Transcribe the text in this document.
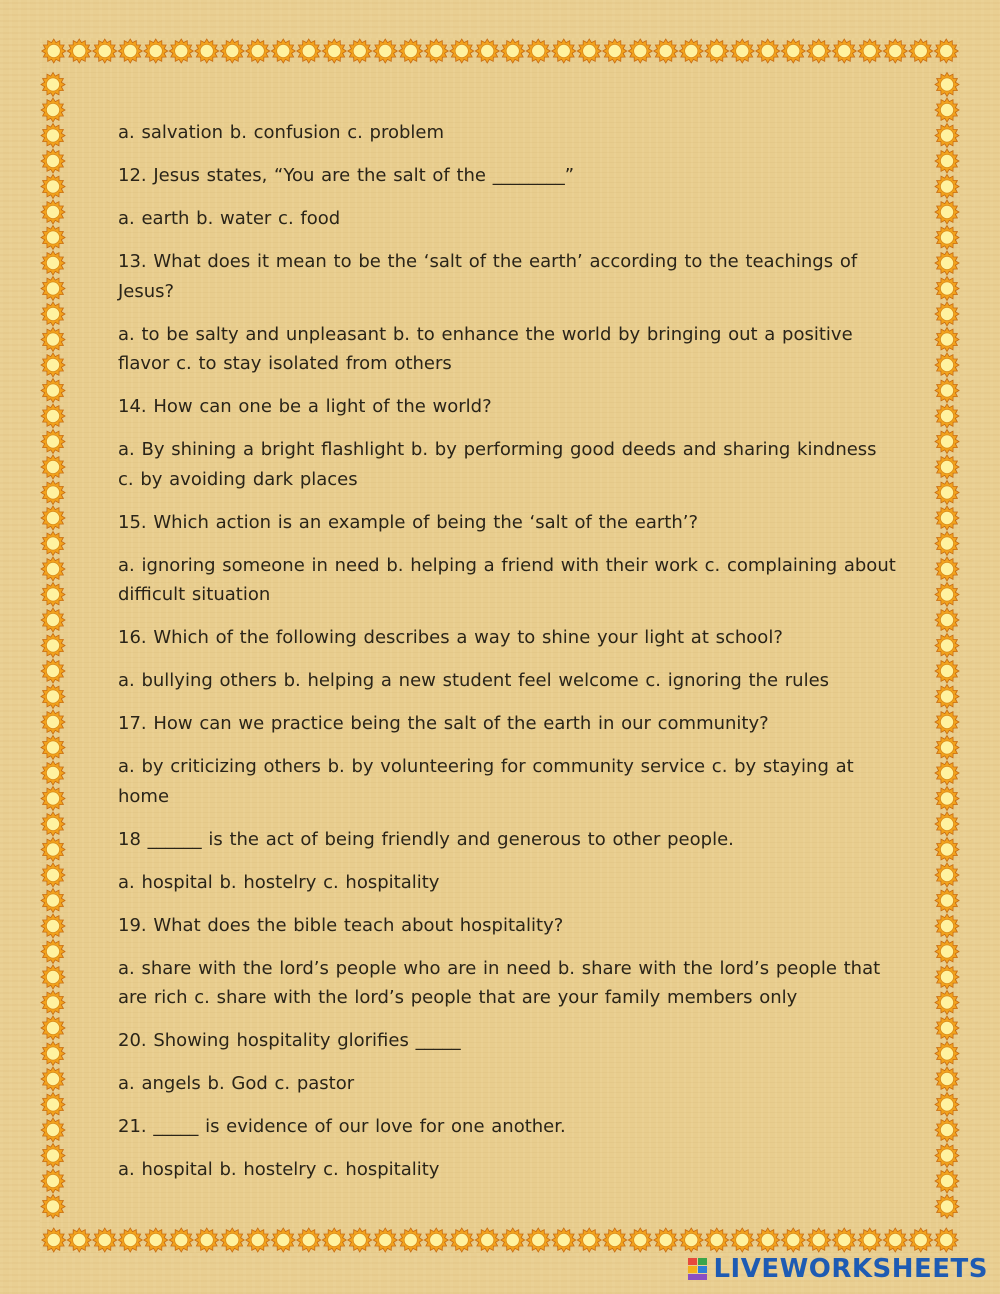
a. salvation b. confusion c. problem

12. Jesus states, “You are the salt of the ________”

a. earth b. water c. food

13. What does it mean to be the ‘salt of the earth’ according to the teachings of Jesus?

a. to be salty and unpleasant b. to enhance the world by bringing out a positive flavor c. to stay isolated from others

14. How can one be a light of the world?

a. By shining a bright flashlight b. by performing good deeds and sharing kindness c. by avoiding dark places

15. Which action is an example of being the ‘salt of the earth’?

a. ignoring someone in need b. helping a friend with their work c. complaining about difficult situation

16. Which of the following describes a way to shine your light at school?

a. bullying others b. helping a new student feel welcome c. ignoring the rules

17. How can we practice being the salt of the earth in our community?

a. by criticizing others b. by volunteering for community service c. by staying at home

18 ______ is the act of being friendly and generous to other people.

a. hospital b. hostelry c. hospitality

19. What does the bible teach about hospitality?

a. share with the lord’s people who are in need b. share with the lord’s people that are rich c. share with the lord’s people that are your family members only

20. Showing hospitality glorifies _____

a. angels b. God c. pastor

21. _____ is evidence of our love for one another.

a. hospital b. hostelry c. hospitality

LIVEWORKSHEETS
